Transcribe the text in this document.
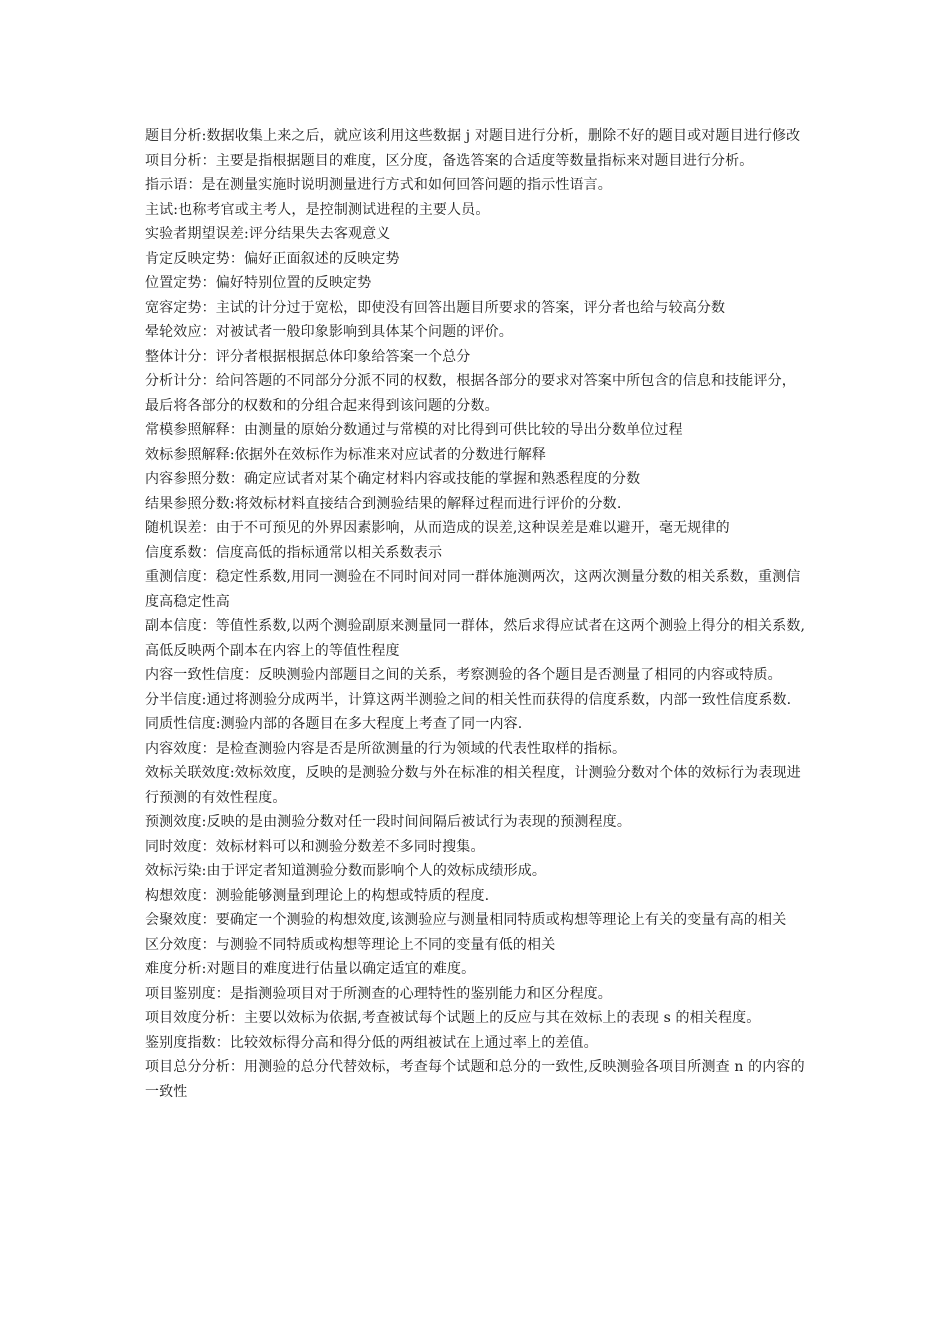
题目分析:数据收集上来之后，就应该利用这些数据 j 对题目进行分析，删除不好的题目或对题目进行修改

项目分析：主要是指根据题目的难度，区分度，备选答案的合适度等数量指标来对题目进行分析。

指示语：是在测量实施时说明测量进行方式和如何回答问题的指示性语言。

主试:也称考官或主考人，是控制测试进程的主要人员。

实验者期望误差:评分结果失去客观意义

肯定反映定势：偏好正面叙述的反映定势

位置定势：偏好特别位置的反映定势

宽容定势：主试的计分过于宽松，即使没有回答出题目所要求的答案，评分者也给与较高分数

晕轮效应：对被试者一般印象影响到具体某个问题的评价。

整体计分：评分者根据根据总体印象给答案一个总分

分析计分：给问答题的不同部分分派不同的权数，根据各部分的要求对答案中所包含的信息和技能评分，最后将各部分的权数和的分组合起来得到该问题的分数。

常模参照解释：由测量的原始分数通过与常模的对比得到可供比较的导出分数单位过程

效标参照解释:依据外在效标作为标准来对应试者的分数进行解释

内容参照分数：确定应试者对某个确定材料内容或技能的掌握和熟悉程度的分数

结果参照分数:将效标材料直接结合到测验结果的解释过程而进行评价的分数.

随机误差：由于不可预见的外界因素影响，从而造成的误差,这种误差是难以避开，毫无规律的

信度系数：信度高低的指标通常以相关系数表示

重测信度：稳定性系数,用同一测验在不同时间对同一群体施测两次，这两次测量分数的相关系数，重测信度高稳定性高

副本信度：等值性系数,以两个测验副原来测量同一群体，然后求得应试者在这两个测验上得分的相关系数,高低反映两个副本在内容上的等值性程度

内容一致性信度：反映测验内部题目之间的关系，考察测验的各个题目是否测量了相同的内容或特质。

分半信度:通过将测验分成两半，计算这两半测验之间的相关性而获得的信度系数，内部一致性信度系数.

同质性信度:测验内部的各题目在多大程度上考查了同一内容.

内容效度：是检查测验内容是否是所欲测量的行为领域的代表性取样的指标。

效标关联效度:效标效度，反映的是测验分数与外在标准的相关程度，计测验分数对个体的效标行为表现进行预测的有效性程度。

预测效度:反映的是由测验分数对任一段时间间隔后被试行为表现的预测程度。

同时效度：效标材料可以和测验分数差不多同时搜集。

效标污染:由于评定者知道测验分数而影响个人的效标成绩形成。

构想效度：测验能够测量到理论上的构想或特质的程度.

会聚效度：要确定一个测验的构想效度,该测验应与测量相同特质或构想等理论上有关的变量有高的相关

区分效度：与测验不同特质或构想等理论上不同的变量有低的相关

难度分析:对题目的难度进行估量以确定适宜的难度。

项目鉴别度：是指测验项目对于所测查的心理特性的鉴别能力和区分程度。

项目效度分析：主要以效标为依据,考查被试每个试题上的反应与其在效标上的表现 s 的相关程度。

鉴别度指数：比较效标得分高和得分低的两组被试在上通过率上的差值。

项目总分分析：用测验的总分代替效标，考查每个试题和总分的一致性,反映测验各项目所测查 n 的内容的一致性
